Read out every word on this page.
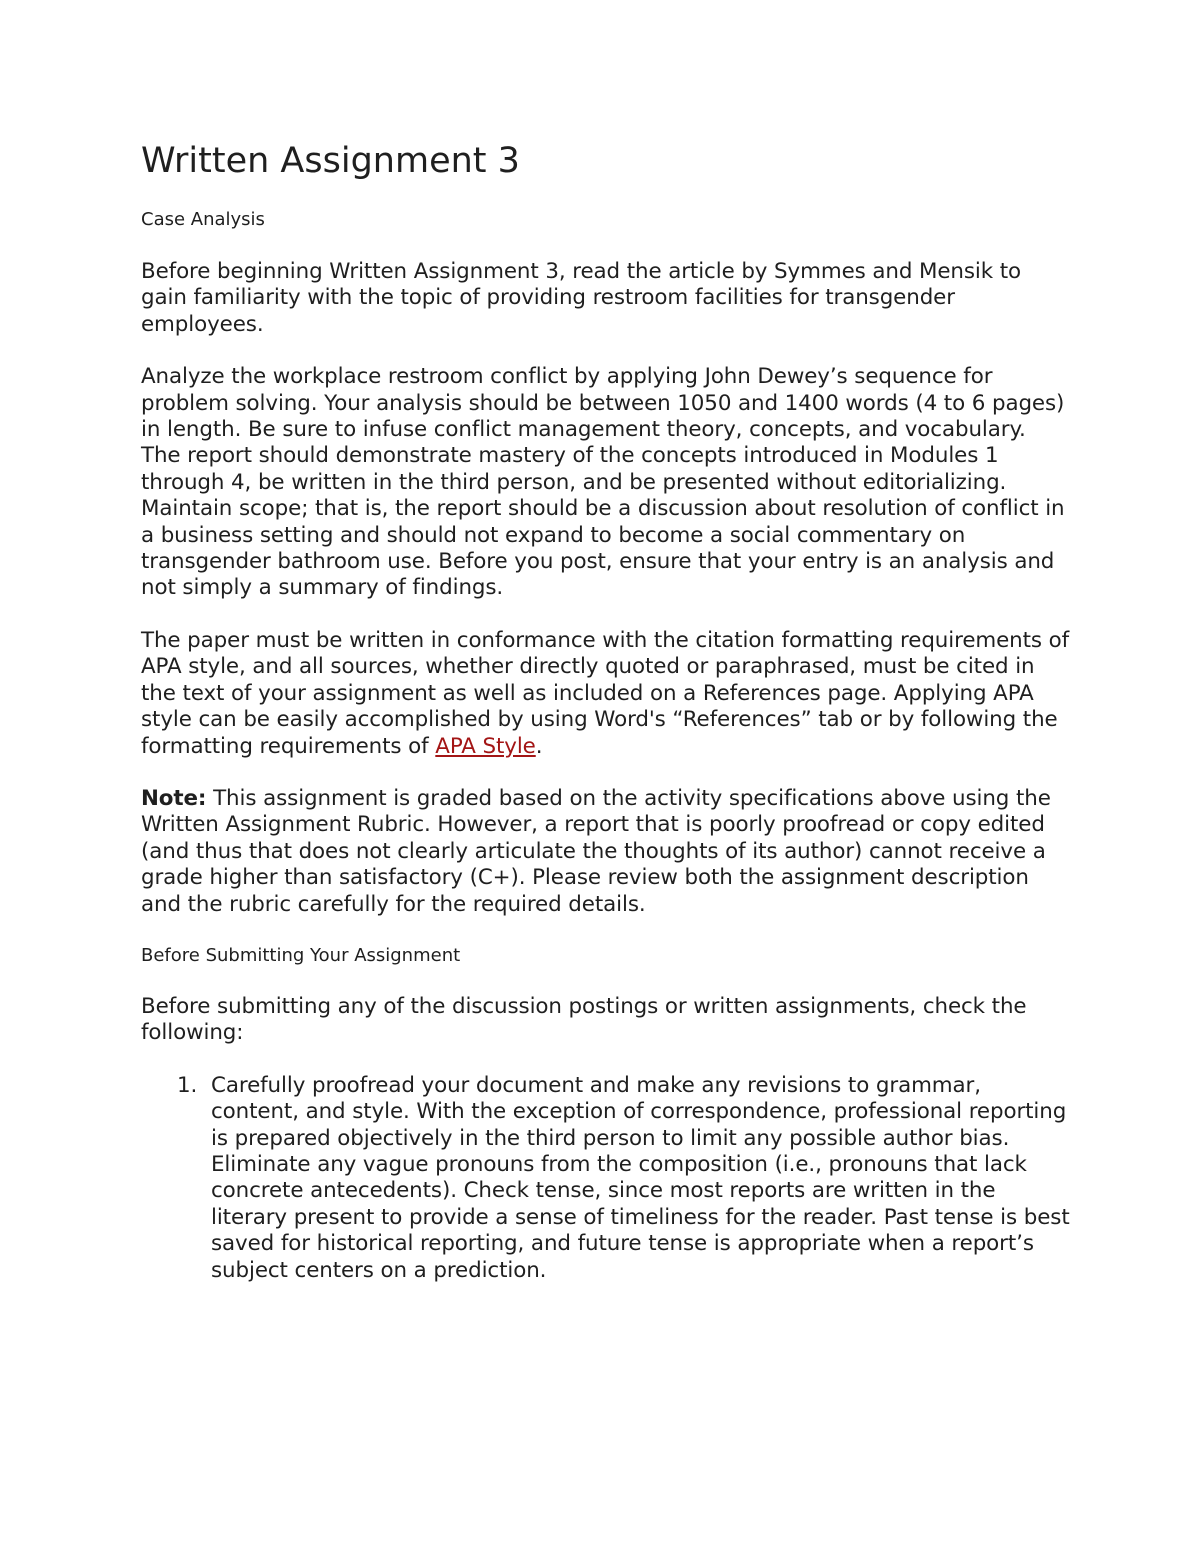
Written Assignment 3
Case Analysis

Before beginning Written Assignment 3, read the article by Symmes and Mensik to gain familiarity with the topic of providing restroom facilities for transgender employees.

Analyze the workplace restroom conflict by applying John Dewey’s sequence for problem solving. Your analysis should be between 1050 and 1400 words (4 to 6 pages) in length. Be sure to infuse conflict management theory, concepts, and vocabulary. The report should demonstrate mastery of the concepts introduced in Modules 1 through 4, be written in the third person, and be presented without editorializing. Maintain scope; that is, the report should be a discussion about resolution of conflict in a business setting and should not expand to become a social commentary on transgender bathroom use. Before you post, ensure that your entry is an analysis and not simply a summary of findings.

The paper must be written in conformance with the citation formatting requirements of APA style, and all sources, whether directly quoted or paraphrased, must be cited in the text of your assignment as well as included on a References page. Applying APA style can be easily accomplished by using Word's “References” tab or by following the formatting requirements of APA Style.

Note: This assignment is graded based on the activity specifications above using the Written Assignment Rubric. However, a report that is poorly proofread or copy edited (and thus that does not clearly articulate the thoughts of its author) cannot receive a grade higher than satisfactory (C+). Please review both the assignment description and the rubric carefully for the required details.

Before Submitting Your Assignment

Before submitting any of the discussion postings or written assignments, check the following:

1. Carefully proofread your document and make any revisions to grammar, content, and style. With the exception of correspondence, professional reporting is prepared objectively in the third person to limit any possible author bias. Eliminate any vague pronouns from the composition (i.e., pronouns that lack concrete antecedents). Check tense, since most reports are written in the literary present to provide a sense of timeliness for the reader. Past tense is best saved for historical reporting, and future tense is appropriate when a report’s subject centers on a prediction.
